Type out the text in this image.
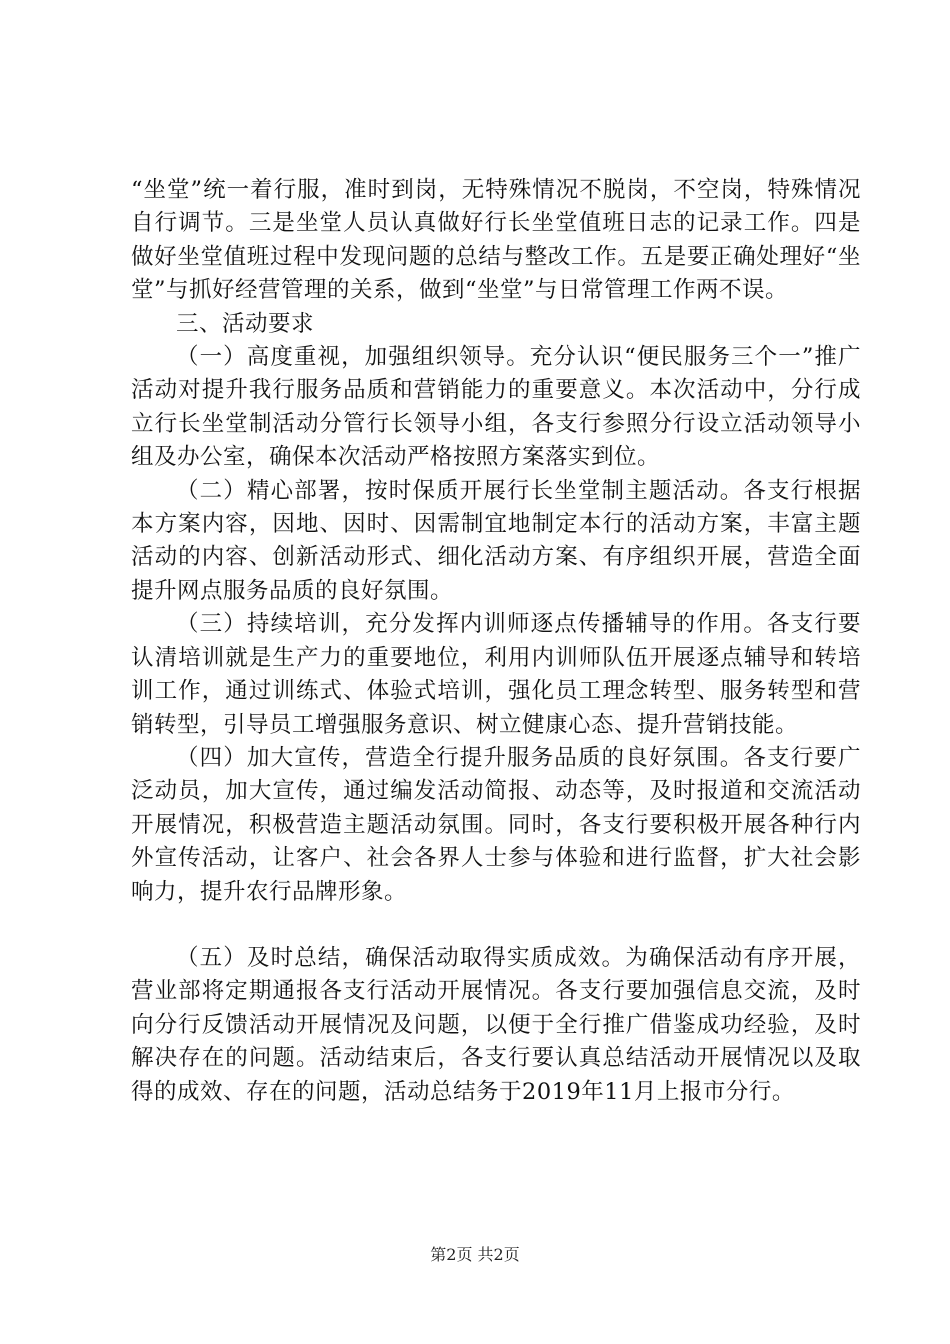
“坐堂”统一着行服，准时到岗，无特殊情况不脱岗，不空岗，特殊情况自行调节。三是坐堂人员认真做好行长坐堂值班日志的记录工作。四是做好坐堂值班过程中发现问题的总结与整改工作。五是要正确处理好“坐堂”与抓好经营管理的关系，做到“坐堂”与日常管理工作两不误。

三、活动要求

（一）高度重视，加强组织领导。充分认识“便民服务三个一”推广活动对提升我行服务品质和营销能力的重要意义。本次活动中，分行成立行长坐堂制活动分管行长领导小组，各支行参照分行设立活动领导小组及办公室，确保本次活动严格按照方案落实到位。

（二）精心部署，按时保质开展行长坐堂制主题活动。各支行根据本方案内容，因地、因时、因需制宜地制定本行的活动方案，丰富主题活动的内容、创新活动形式、细化活动方案、有序组织开展，营造全面提升网点服务品质的良好氛围。

（三）持续培训，充分发挥内训师逐点传播辅导的作用。各支行要认清培训就是生产力的重要地位，利用内训师队伍开展逐点辅导和转培训工作，通过训练式、体验式培训，强化员工理念转型、服务转型和营销转型，引导员工增强服务意识、树立健康心态、提升营销技能。

（四）加大宣传，营造全行提升服务品质的良好氛围。各支行要广泛动员，加大宣传，通过编发活动简报、动态等，及时报道和交流活动开展情况，积极营造主题活动氛围。同时，各支行要积极开展各种行内外宣传活动，让客户、社会各界人士参与体验和进行监督，扩大社会影响力，提升农行品牌形象。

（五）及时总结，确保活动取得实质成效。为确保活动有序开展，营业部将定期通报各支行活动开展情况。各支行要加强信息交流，及时向分行反馈活动开展情况及问题，以便于全行推广借鉴成功经验，及时解决存在的问题。活动结束后，各支行要认真总结活动开展情况以及取得的成效、存在的问题，活动总结务于2019年11月上报市分行。

第2页 共2页
